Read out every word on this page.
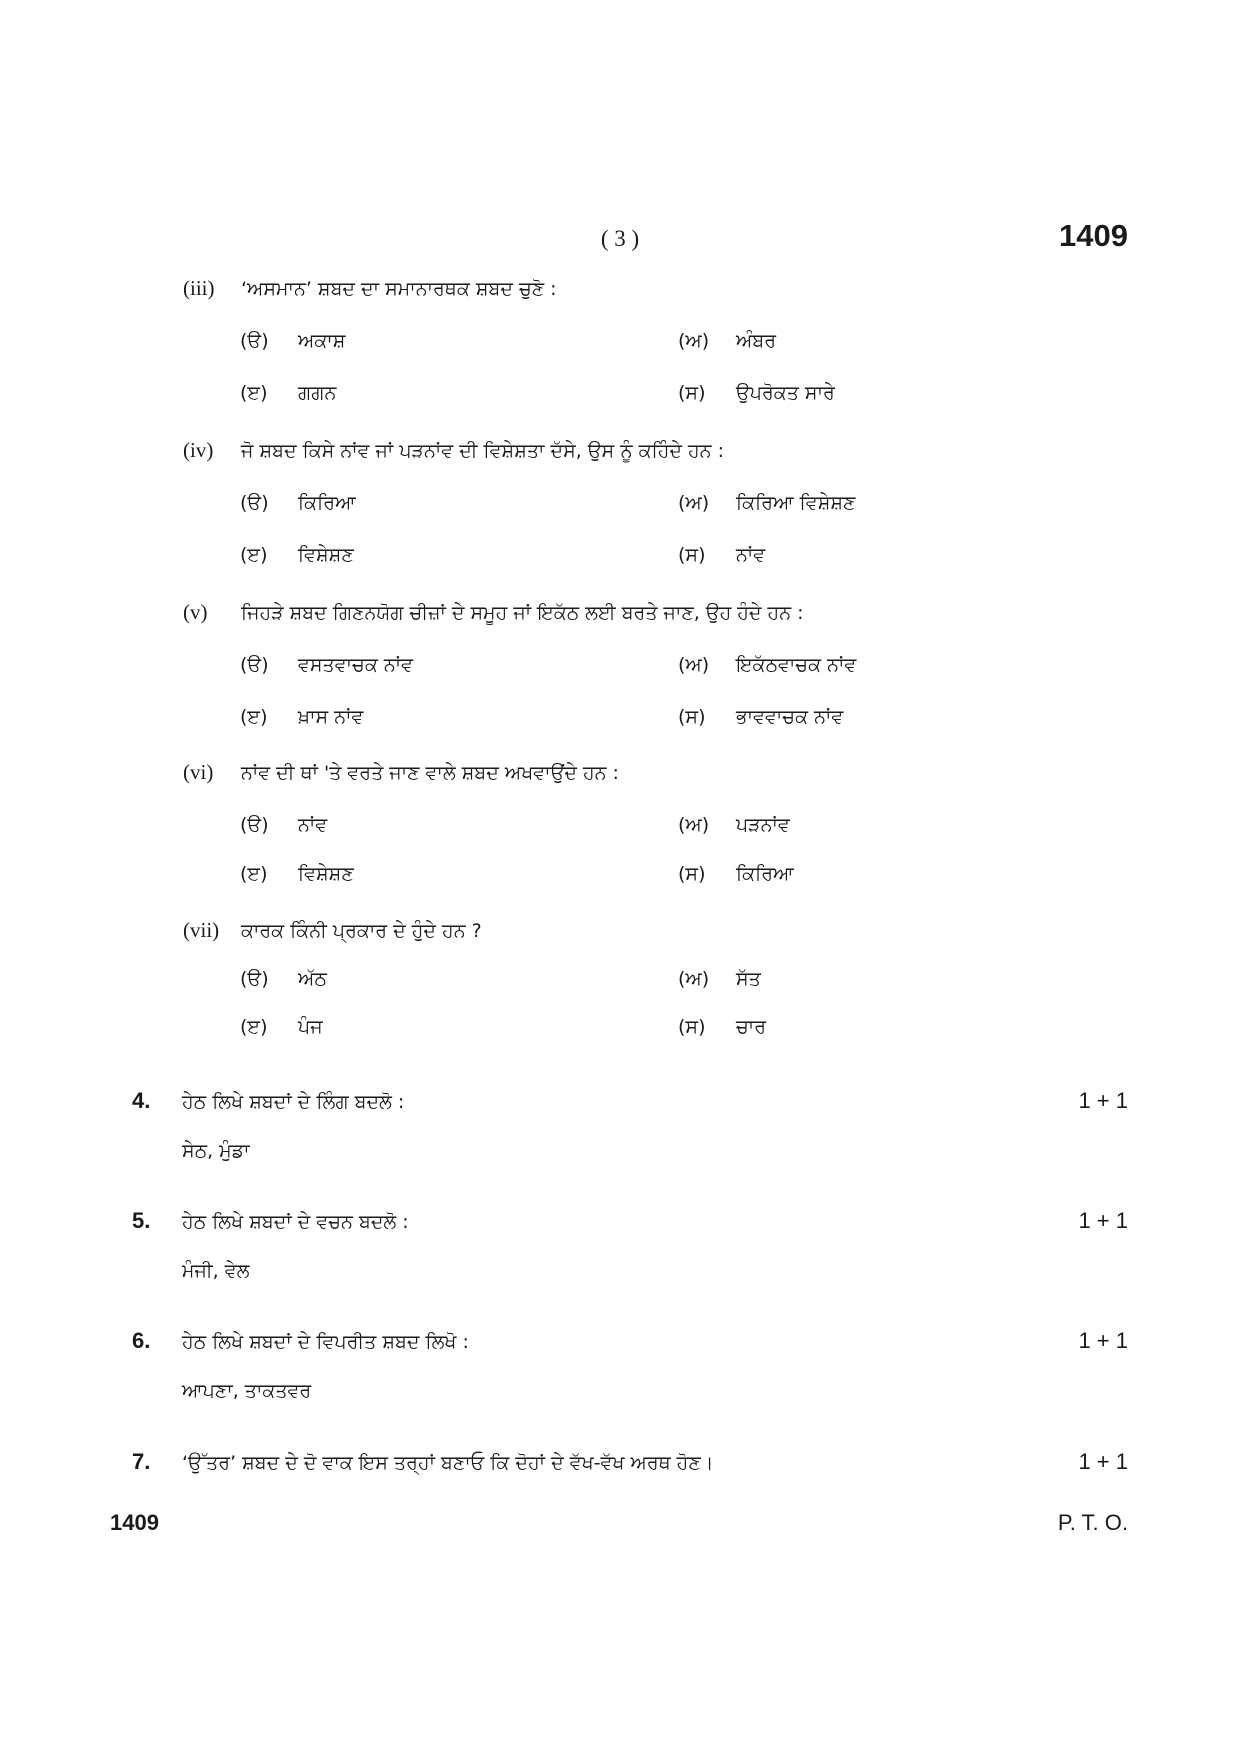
( 3 )	1409
(iii) ‘ਅਸਮਾਨ’ ਸ਼ਬਦ ਦਾ ਸਮਾਨਾਰਥਕ ਸ਼ਬਦ ਚੁਣੋ :
(ੳ) ਅਕਾਸ਼	(ਅ) ਅੰਬਰ
(ੲ) ਗਗਨ	(ਸ) ਉਪਰੋਕਤ ਸਾਰੇ
(iv) ਜੋ ਸ਼ਬਦ ਕਿਸੇ ਨਾਂਵ ਜਾਂ ਪੜਨਾਂਵ ਦੀ ਵਿਸ਼ੇਸ਼ਤਾ ਦੱਸੇ, ਉਸ ਨੂੰ ਕਹਿੰਦੇ ਹਨ :
(ੳ) ਕਿਰਿਆ	(ਅ) ਕਿਰਿਆ ਵਿਸ਼ੇਸ਼ਣ
(ੲ) ਵਿਸ਼ੇਸ਼ਣ	(ਸ) ਨਾਂਵ
(v) ਜਿਹੜੇ ਸ਼ਬਦ ਗਿਣਨਯੋਗ ਚੀਜ਼ਾਂ ਦੇ ਸਮੂਹ ਜਾਂ ਇਕੱਠ ਲਈ ਬਰਤੇ ਜਾਣ, ਉਹ ਹੰਦੇ ਹਨ :
(ੳ) ਵਸਤਵਾਚਕ ਨਾਂਵ	(ਅ) ਇਕੱਠਵਾਚਕ ਨਾਂਵ
(ੲ) ਖ਼ਾਸ ਨਾਂਵ	(ਸ) ਭਾਵਵਾਚਕ ਨਾਂਵ
(vi) ਨਾਂਵ ਦੀ ਥਾਂ 'ਤੇ ਵਰਤੇ ਜਾਣ ਵਾਲੇ ਸ਼ਬਦ ਅਖਵਾਉਂਦੇ ਹਨ :
(ੳ) ਨਾਂਵ	(ਅ) ਪੜਨਾਂਵ
(ੲ) ਵਿਸ਼ੇਸ਼ਣ	(ਸ) ਕਿਰਿਆ
(vii) ਕਾਰਕ ਕਿੰਨੀ ਪ੍ਰਕਾਰ ਦੇ ਹੁੰਦੇ ਹਨ ?
(ੳ) ਅੱਠ	(ਅ) ਸੱਤ
(ੲ) ਪੰਜ	(ਸ) ਚਾਰ
4. ਹੇਠ ਲਿਖੇ ਸ਼ਬਦਾਂ ਦੇ ਲਿੰਗ ਬਦਲੋ :	1 + 1
ਸੇਠ, ਮੁੰਡਾ
5. ਹੇਠ ਲਿਖੇ ਸ਼ਬਦਾਂ ਦੇ ਵਚਨ ਬਦਲੋ :	1 + 1
ਮੰਜੀ, ਵੇਲ
6. ਹੇਠ ਲਿਖੇ ਸ਼ਬਦਾਂ ਦੇ ਵਿਪਰੀਤ ਸ਼ਬਦ ਲਿਖੋ :	1 + 1
ਆਪਣਾ, ਤਾਕਤਵਰ
7. ‘ਉੱਤਰ’ ਸ਼ਬਦ ਦੇ ਦੋ ਵਾਕ ਇਸ ਤਰ੍ਹਾਂ ਬਣਾਓ ਕਿ ਦੋਹਾਂ ਦੇ ਵੱਖ-ਵੱਖ ਅਰਥ ਹੋਣ।	1 + 1
1409	P. T. O.
